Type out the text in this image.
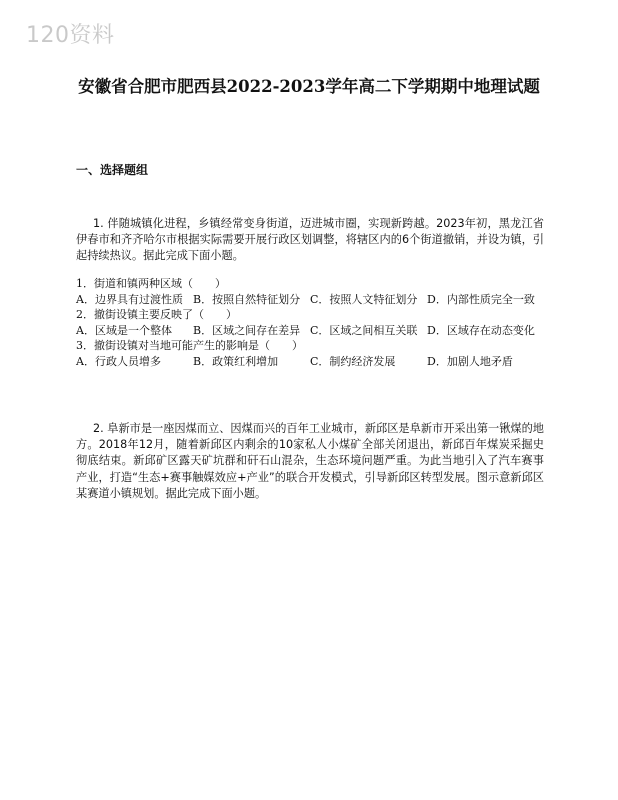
120资料
安徽省合肥市肥西县2022-2023学年高二下学期期中地理试题
一、选择题组
1. 伴随城镇化进程，乡镇经常变身街道，迈进城市圈，实现新跨越。2023年初，黑龙江省伊春市和齐齐哈尔市根据实际需要开展行政区划调整，将辖区内的6个街道撤销，并设为镇，引起持续热议。据此完成下面小题。
1．街道和镇两种区域（　　）
A．边界具有过渡性质 B．按照自然特征划分 C．按照人文特征划分 D．内部性质完全一致
2．撤街设镇主要反映了（　　）
A．区域是一个整体	B．区域之间存在差异 C．区域之间相互关联 D．区域存在动态变化
3．撤街设镇对当地可能产生的影响是（　　）
A．行政人员增多	B．政策红利增加	C．制约经济发展	D．加剧人地矛盾
2. 阜新市是一座因煤而立、因煤而兴的百年工业城市，新邱区是阜新市开采出第一锹煤的地方。2018年12月，随着新邱区内剩余的10家私人小煤矿全部关闭退出，新邱百年煤炭采掘史彻底结束。新邱矿区露天矿坑群和矸石山混杂，生态环境问题严重。为此当地引入了汽车赛事产业，打造“生态+赛事触媒效应+产业”的联合开发模式，引导新邱区转型发展。图示意新邱区某赛道小镇规划。据此完成下面小题。
